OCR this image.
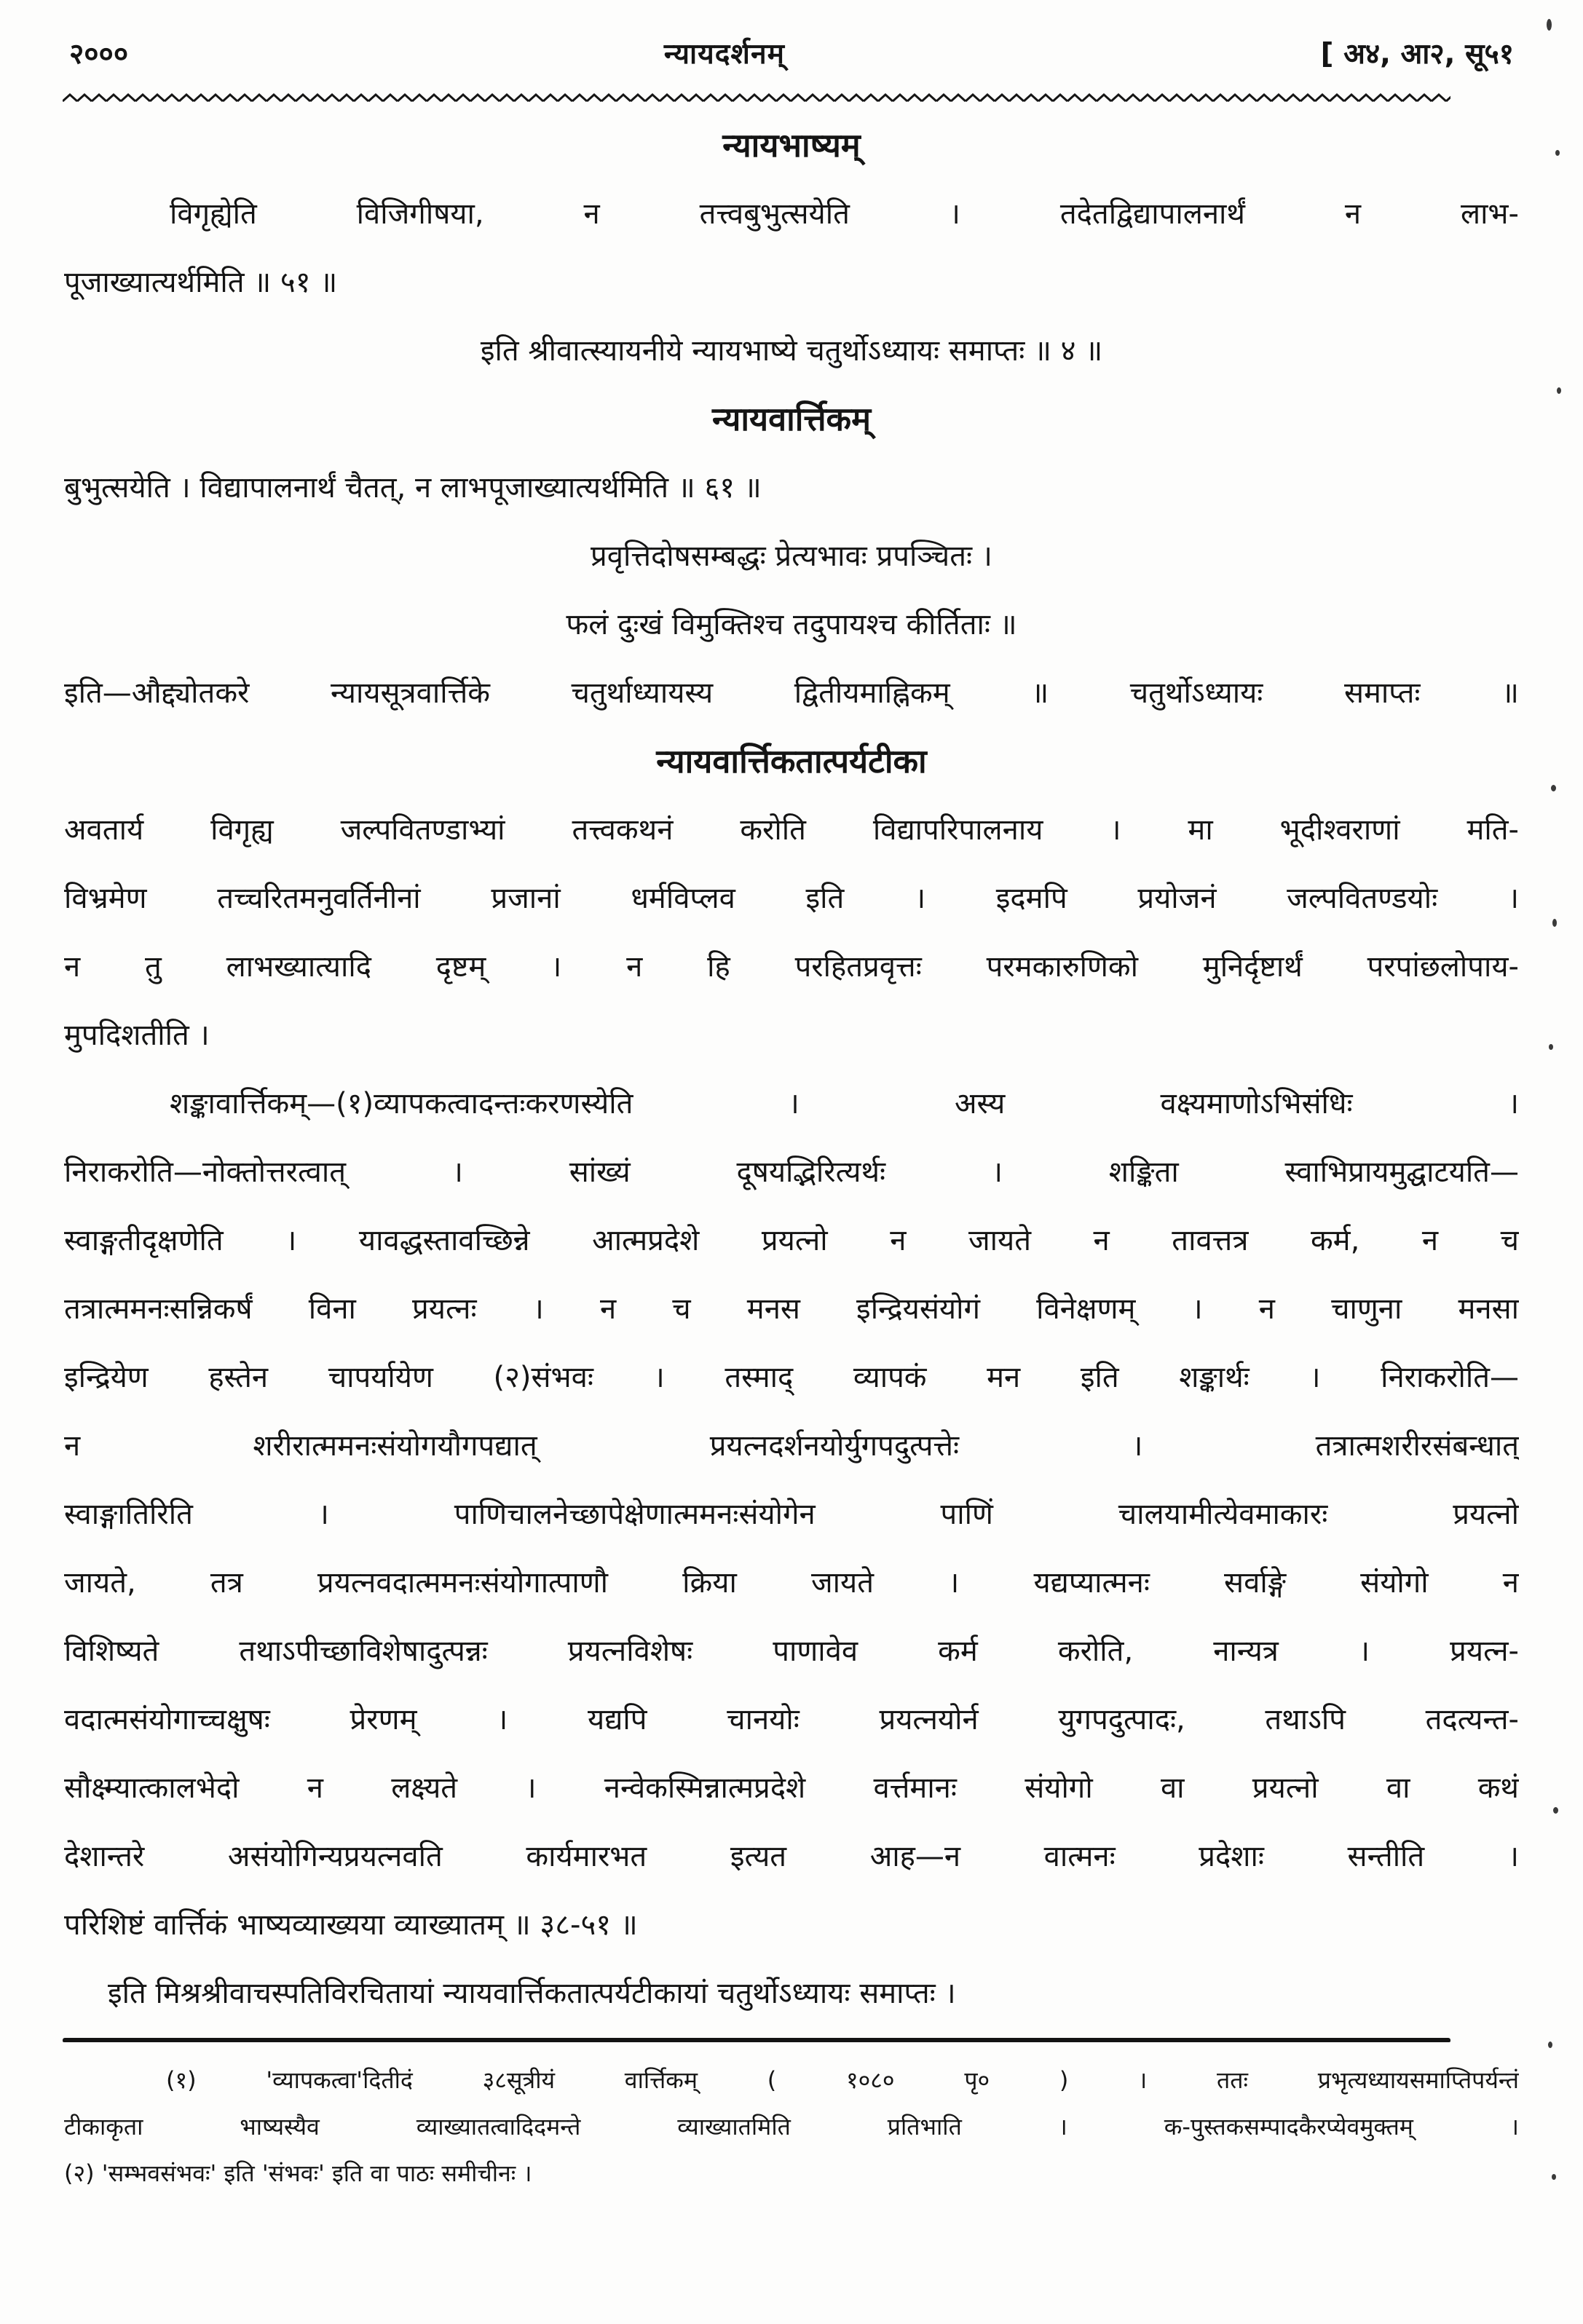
२०००	न्यायदर्शनम्	[ अ४, आ२, सू५१
न्यायभाष्यम्
विगृह्येति विजिगीषया, न तत्त्वबुभुत्सयेति । तदेतद्विद्यापालनार्थं न लाभ-
पूजाख्यात्यर्थमिति ॥ ५१ ॥
इति श्रीवात्स्यायनीये न्यायभाष्ये चतुर्थोऽध्यायः समाप्तः ॥ ४ ॥
न्यायवार्त्तिकम्
बुभुत्सयेति । विद्यापालनार्थं चैतत्, न लाभपूजाख्यात्यर्थमिति ॥ ६१ ॥
प्रवृत्तिदोषसम्बद्धः प्रेत्यभावः प्रपञ्चितः ।
फलं दुःखं विमुक्तिश्च तदुपायश्च कीर्तिताः ॥
इति—औद्द्योतकरे न्यायसूत्रवार्त्तिके चतुर्थाध्यायस्य द्वितीयमाह्निकम् ॥ चतुर्थोऽध्यायः समाप्तः ॥
न्यायवार्त्तिकतात्पर्यटीका
अवतार्य विगृह्य जल्पवितण्डाभ्यां तत्त्वकथनं करोति विद्यापरिपालनाय । मा भूदीश्वराणां मति-
विभ्रमेण तच्चरितमनुवर्तिनीनां प्रजानां धर्मविप्लव इति । इदमपि प्रयोजनं जल्पवितण्डयोः ।
न तु लाभख्यात्यादि दृष्टम् । न हि परहितप्रवृत्तः परमकारुणिको मुनिर्दृष्टार्थं परपांछलोपाय-
मुपदिशतीति ।
शङ्कावार्त्तिकम्—(१)व्यापकत्वादन्तःकरणस्येति । अस्य वक्ष्यमाणोऽभिसंधिः ।
निराकरोति—नोक्तोत्तरत्वात् । सांख्यं दूषयद्भिरित्यर्थः । शङ्किता स्वाभिप्रायमुद्घाटयति—
स्वाङ्गतीदृक्षणेति । यावद्धस्तावच्छिन्ने आत्मप्रदेशे प्रयत्नो न जायते न तावत्तत्र कर्म, न च
तत्रात्ममनःसन्निकर्षं विना प्रयत्नः । न च मनस इन्द्रियसंयोगं विनेक्षणम् । न चाणुना मनसा
इन्द्रियेण हस्तेन चापर्यायेण (२)संभवः । तस्माद् व्यापकं मन इति शङ्कार्थः । निराकरोति—
न शरीरात्ममनःसंयोगयौगपद्यात् प्रयत्नदर्शनयोर्युगपदुत्पत्तेः । तत्रात्मशरीरसंबन्धात्
स्वाङ्गातिरिति । पाणिचालनेच्छापेक्षेणात्ममनःसंयोगेन पाणिं चालयामीत्येवमाकारः प्रयत्नो
जायते, तत्र प्रयत्नवदात्ममनःसंयोगात्पाणौ क्रिया जायते । यद्यप्यात्मनः सर्वाङ्गे संयोगो न
विशिष्यते तथाऽपीच्छाविशेषादुत्पन्नः प्रयत्नविशेषः पाणावेव कर्म करोति, नान्यत्र । प्रयत्न-
वदात्मसंयोगाच्चक्षुषः प्रेरणम् । यद्यपि चानयोः प्रयत्नयोर्न युगपदुत्पादः, तथाऽपि तदत्यन्त-
सौक्ष्म्यात्कालभेदो न लक्ष्यते । नन्वेकस्मिन्नात्मप्रदेशे वर्त्तमानः संयोगो वा प्रयत्नो वा कथं
देशान्तरे असंयोगिन्यप्रयत्नवति कार्यमारभत इत्यत आह—न वात्मनः प्रदेशाः सन्तीति ।
परिशिष्टं वार्त्तिकं भाष्यव्याख्यया व्याख्यातम् ॥ ३८-५१ ॥
इति मिश्रश्रीवाचस्पतिविरचितायां न्यायवार्त्तिकतात्पर्यटीकायां चतुर्थोऽध्यायः समाप्तः ।
(१) 'व्यापकत्वा'दितीदं ३८सूत्रीयं वार्त्तिकम् ( १०८० पृ० ) । ततः प्रभृत्यध्यायसमाप्तिपर्यन्तं
टीकाकृता भाष्यस्यैव व्याख्यातत्वादिदमन्ते व्याख्यातमिति प्रतिभाति । क-पुस्तकसम्पादकैरप्येवमुक्तम् ।
(२) 'सम्भवसंभवः' इति 'संभवः' इति वा पाठः समीचीनः ।
